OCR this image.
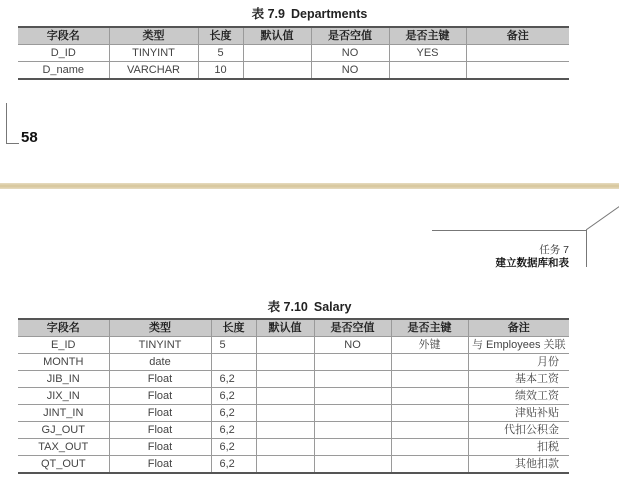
表 7.9 Departments
字段名	类型	长度	默认值	是否空值	是否主键	备注
D_ID	TINYINT	5		NO	YES	
D_name	VARCHAR	10		NO		
58
任务 7
建立数据库和表
表 7.10 Salary
字段名	类型	长度	默认值	是否空值	是否主键	备注
E_ID	TINYINT	5		NO	外键	与 Employees 关联
MONTH	date					月份
JIB_IN	Float	6,2				基本工资
JIX_IN	Float	6,2				绩效工资
JINT_IN	Float	6,2				津贴补贴
GJ_OUT	Float	6,2				代扣公积金
TAX_OUT	Float	6,2				扣税
QT_OUT	Float	6,2				其他扣款
